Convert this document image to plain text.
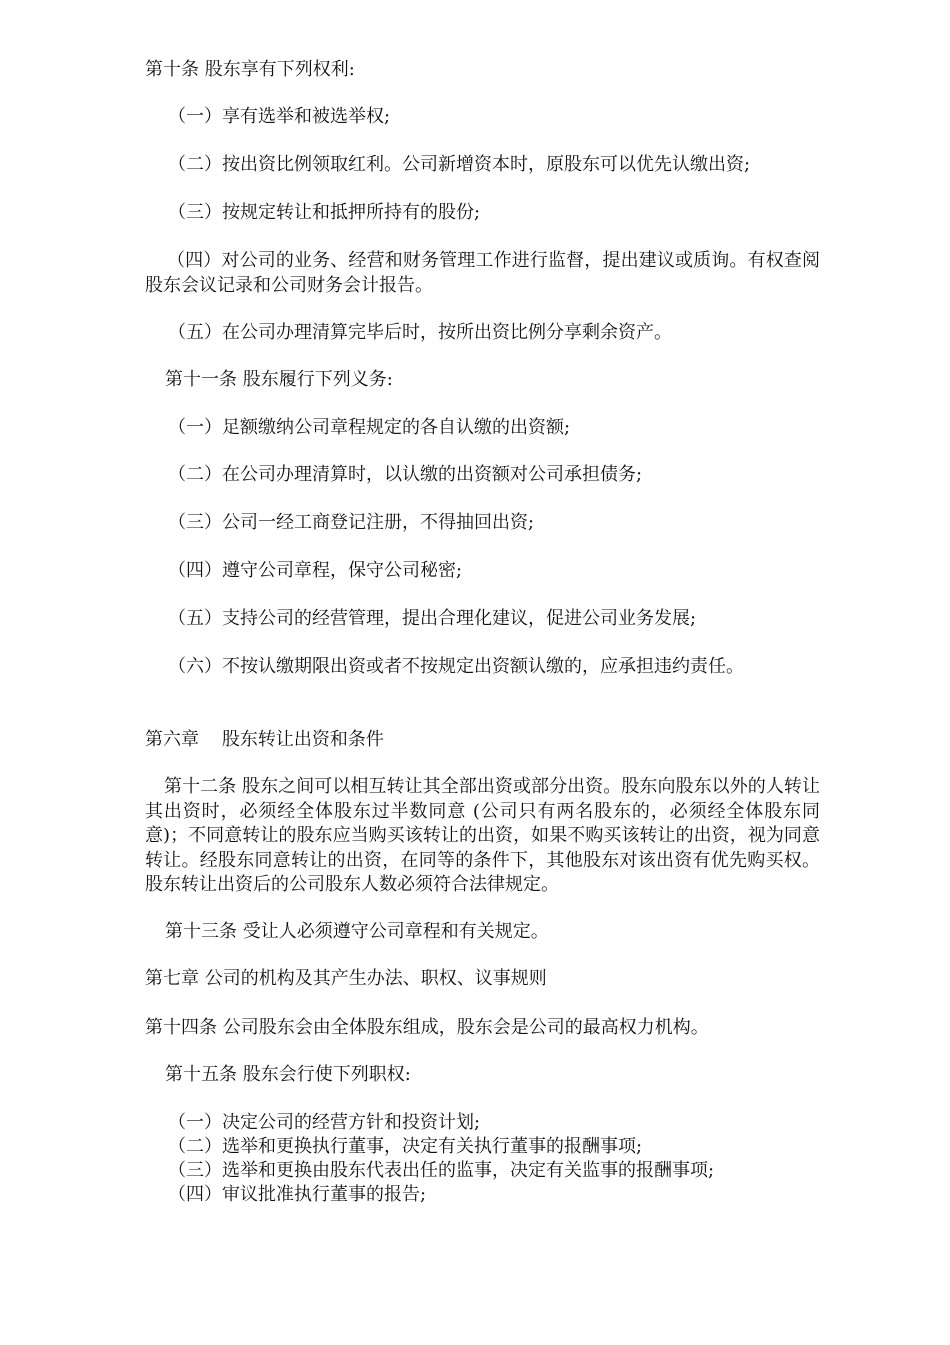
第十条 股东享有下列权利:

（一）享有选举和被选举权;

（二）按出资比例领取红利。公司新增资本时，原股东可以优先认缴出资;

（三）按规定转让和抵押所持有的股份;

（四）对公司的业务、经营和财务管理工作进行监督，提出建议或质询。有权查阅股东会议记录和公司财务会计报告。

（五）在公司办理清算完毕后时，按所出资比例分享剩余资产。

第十一条 股东履行下列义务:

（一）足额缴纳公司章程规定的各自认缴的出资额;

（二）在公司办理清算时，以认缴的出资额对公司承担债务;

（三）公司一经工商登记注册，不得抽回出资;

（四）遵守公司章程，保守公司秘密;

（五）支持公司的经营管理，提出合理化建议，促进公司业务发展;

（六）不按认缴期限出资或者不按规定出资额认缴的，应承担违约责任。

第六章    股东转让出资和条件

第十二条 股东之间可以相互转让其全部出资或部分出资。股东向股东以外的人转让其出资时，必须经全体股东过半数同意 (公司只有两名股东的，必须经全体股东同意)；不同意转让的股东应当购买该转让的出资，如果不购买该转让的出资，视为同意转让。经股东同意转让的出资，在同等的条件下，其他股东对该出资有优先购买权。股东转让出资后的公司股东人数必须符合法律规定。

第十三条 受让人必须遵守公司章程和有关规定。

第七章 公司的机构及其产生办法、职权、议事规则

第十四条 公司股东会由全体股东组成，股东会是公司的最高权力机构。

第十五条 股东会行使下列职权:

（一）决定公司的经营方针和投资计划;

（二）选举和更换执行董事，决定有关执行董事的报酬事项;

（三）选举和更换由股东代表出任的监事，决定有关监事的报酬事项;

（四）审议批准执行董事的报告;
